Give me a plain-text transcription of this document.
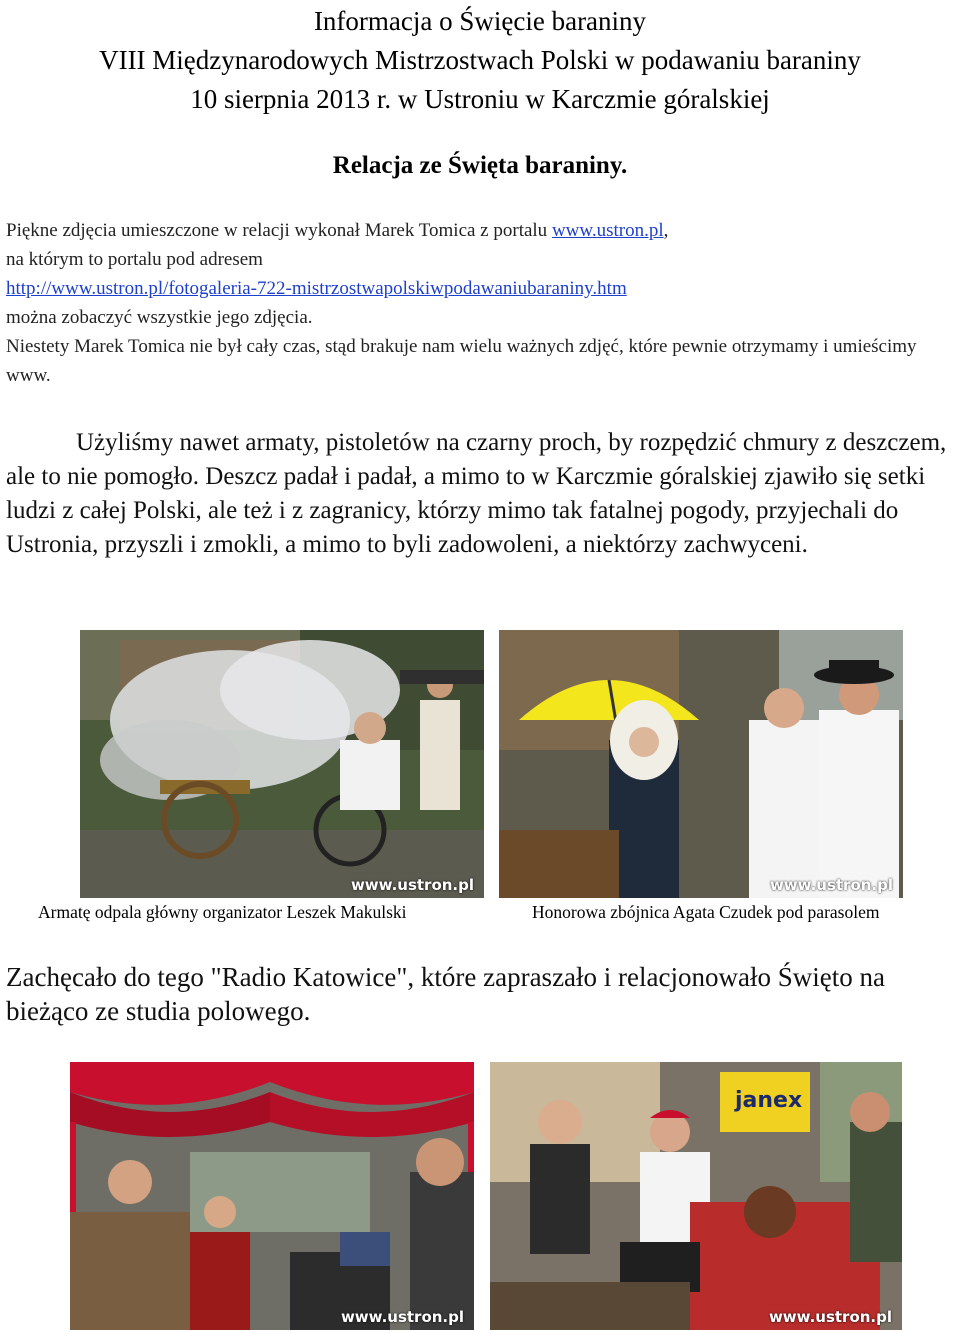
Informacja o Święcie baraniny
VIII Międzynarodowych Mistrzostwach Polski w podawaniu baraniny
10 sierpnia 2013 r. w Ustroniu w Karczmie góralskiej
Relacja ze Święta baraniny.
Piękne zdjęcia umieszczone w relacji wykonał Marek Tomica z portalu www.ustron.pl,
na którym to portalu pod adresem
http://www.ustron.pl/fotogaleria-722-mistrzostwapolskiwpodawaniubaraniny.htm
można zobaczyć wszystkie jego zdjęcia.
Niestety Marek Tomica nie był cały czas, stąd brakuje nam wielu ważnych zdjęć, które pewnie otrzymamy i umieścimy www.
Użyliśmy nawet armaty, pistoletów na czarny proch, by rozpędzić chmury z deszczem, ale to nie pomogło. Deszcz padał i padał, a mimo to w Karczmie góralskiej zjawiło się setki ludzi z całej Polski, ale też i z zagranicy, którzy mimo tak fatalnej pogody, przyjechali do Ustronia, przyszli i zmokli, a mimo to byli zadowoleni, a niektórzy zachwyceni.
www.ustron.pl	www.ustron.pl
Armatę odpala główny organizator Leszek Makulski	Honorowa zbójnica Agata Czudek pod parasolem
Zachęcało do tego "Radio Katowice", które zapraszało i relacjonowało Święto na bieżąco ze studia polowego.
www.ustron.pl
janex
www.ustron.pl
